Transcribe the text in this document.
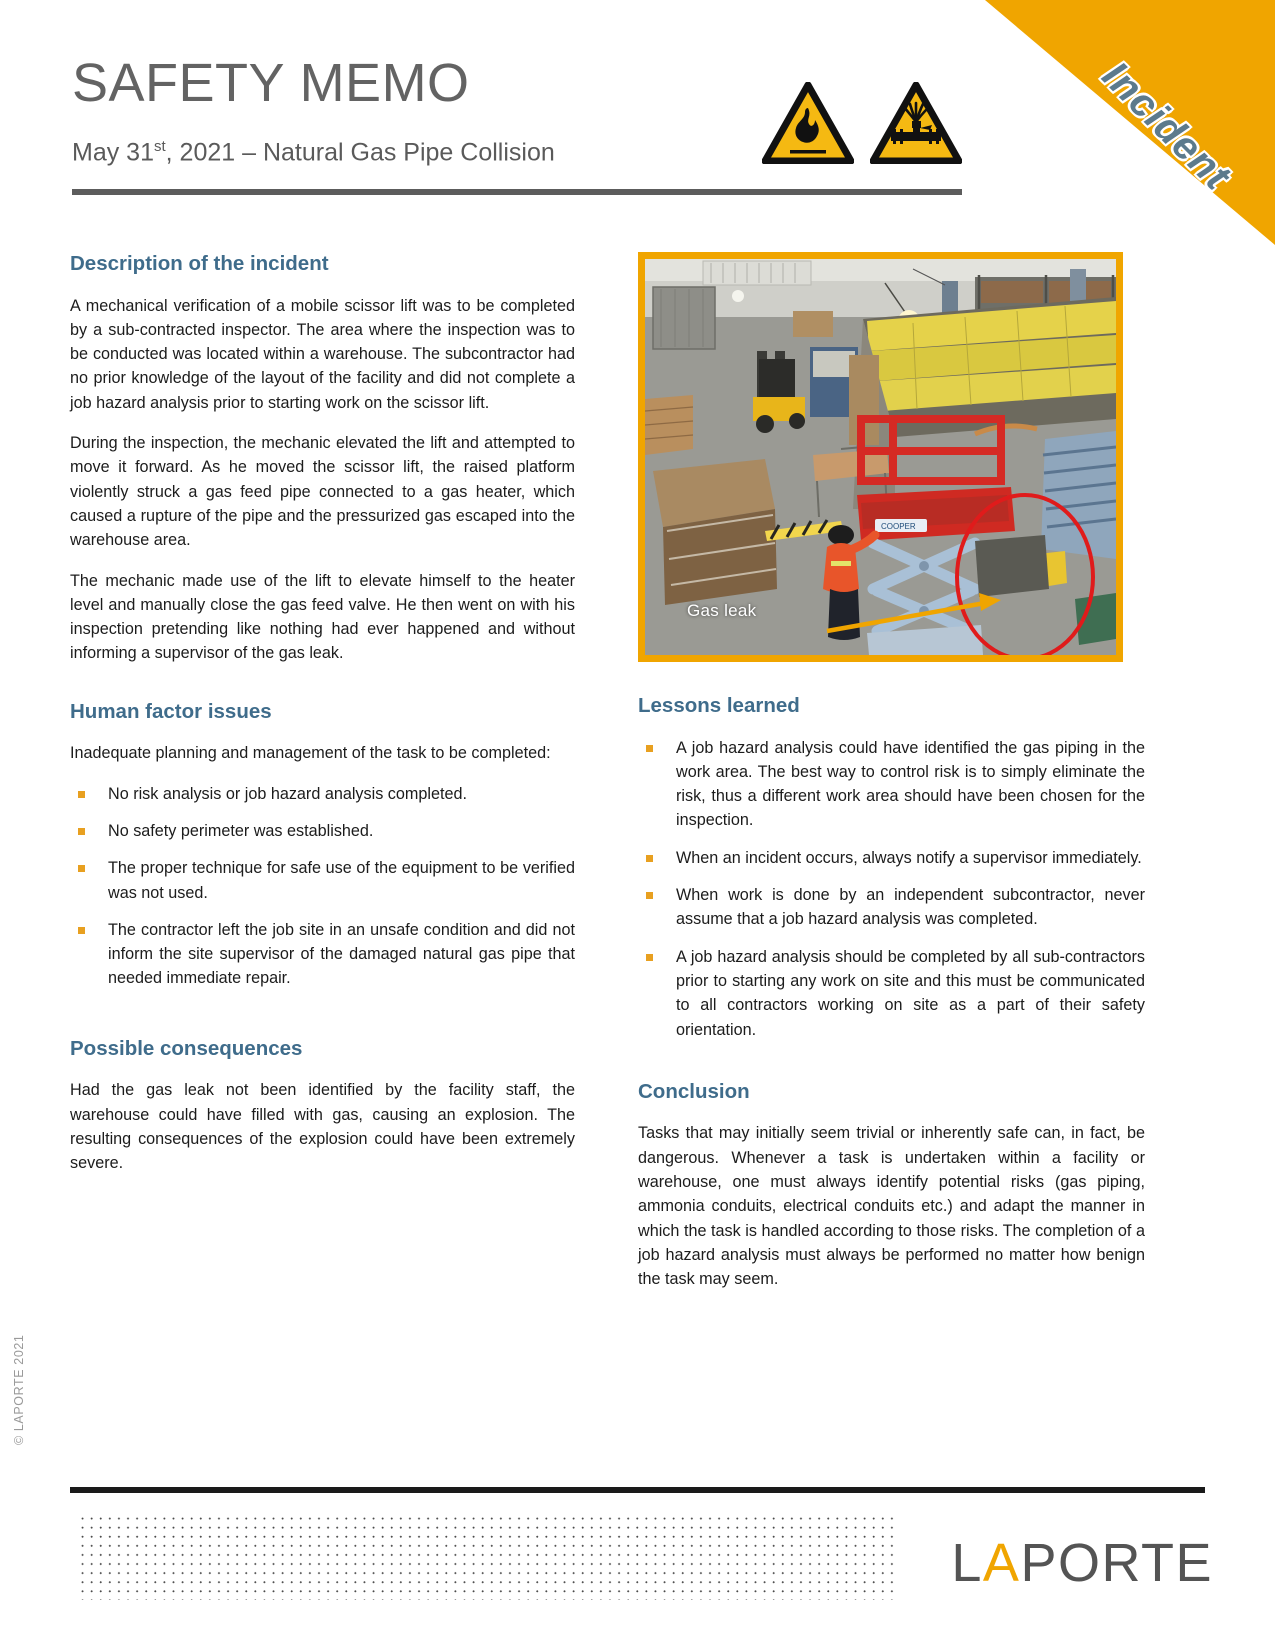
Incident
SAFETY MEMO
May 31st, 2021 – Natural Gas Pipe Collision
Description of the incident

A mechanical verification of a mobile scissor lift was to be completed by a sub-contracted inspector. The area where the inspection was to be conducted was located within a warehouse. The subcontractor had no prior knowledge of the layout of the facility and did not complete a job hazard analysis prior to starting work on the scissor lift.

During the inspection, the mechanic elevated the lift and attempted to move it forward. As he moved the scissor lift, the raised platform violently struck a gas feed pipe connected to a gas heater, which caused a rupture of the pipe and the pressurized gas escaped into the warehouse area.

The mechanic made use of the lift to elevate himself to the heater level and manually close the gas feed valve. He then went on with his inspection pretending like nothing had ever happened and without informing a supervisor of the gas leak.

Human factor issues

Inadequate planning and management of the task to be completed:

No risk analysis or job hazard analysis completed.
No safety perimeter was established.
The proper technique for safe use of the equipment to be verified was not used.
The contractor left the job site in an unsafe condition and did not inform the site supervisor of the damaged natural gas pipe that needed immediate repair.
Possible consequences

Had the gas leak not been identified by the facility staff, the warehouse could have filled with gas, causing an explosion. The resulting consequences of the explosion could have been extremely severe.

COOPER
Gas leak
Lessons learned
A job hazard analysis could have identified the gas piping in the work area. The best way to control risk is to simply eliminate the risk, thus a different work area should have been chosen for the inspection.
When an incident occurs, always notify a supervisor immediately.
When work is done by an independent subcontractor, never assume that a job hazard analysis was completed.
A job hazard analysis should be completed by all sub-contractors prior to starting any work on site and this must be communicated to all contractors working on site as a part of their safety orientation.
Conclusion

Tasks that may initially seem trivial or inherently safe can, in fact, be dangerous. Whenever a task is undertaken within a facility or warehouse, one must always identify potential risks (gas piping, ammonia conduits, electrical conduits etc.) and adapt the manner in which the task is handled according to those risks. The completion of a job hazard analysis must always be performed no matter how benign the task may seem.

© LAPORTE 2021
LAPORTE
